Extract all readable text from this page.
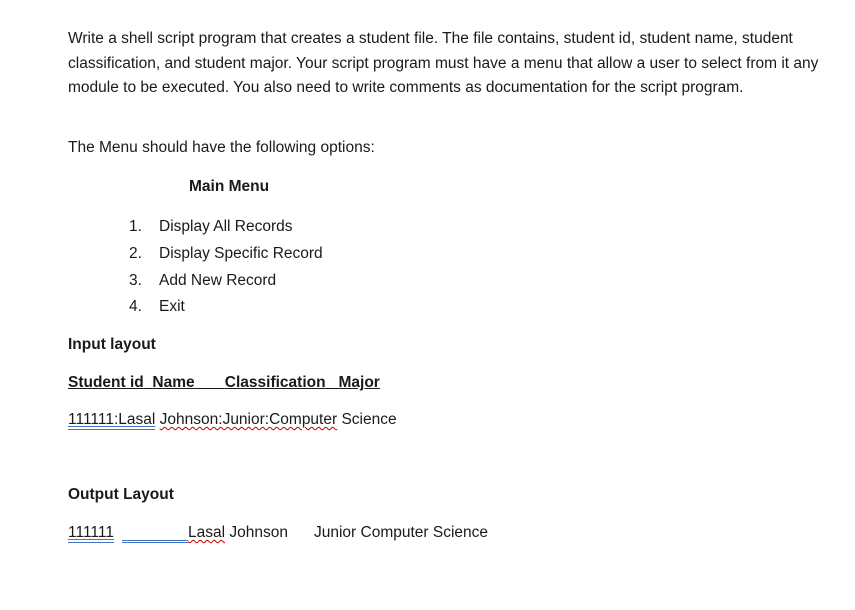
Write a shell script program that creates a student file. The file contains, student id, student name, student classification, and student major. Your script program must have a menu that allow a user to select from it any module to be executed. You also need to write comments as documentation for the script program.
The Menu should have the following options:
Main Menu
1. Display All Records
2. Display Specific Record
3. Add New Record
4. Exit
Input layout
Student id Name Classification Major
111111:Lasal Johnson:Junior:Computer Science
Output Layout
111111	Lasal Johnson Junior Computer Science
